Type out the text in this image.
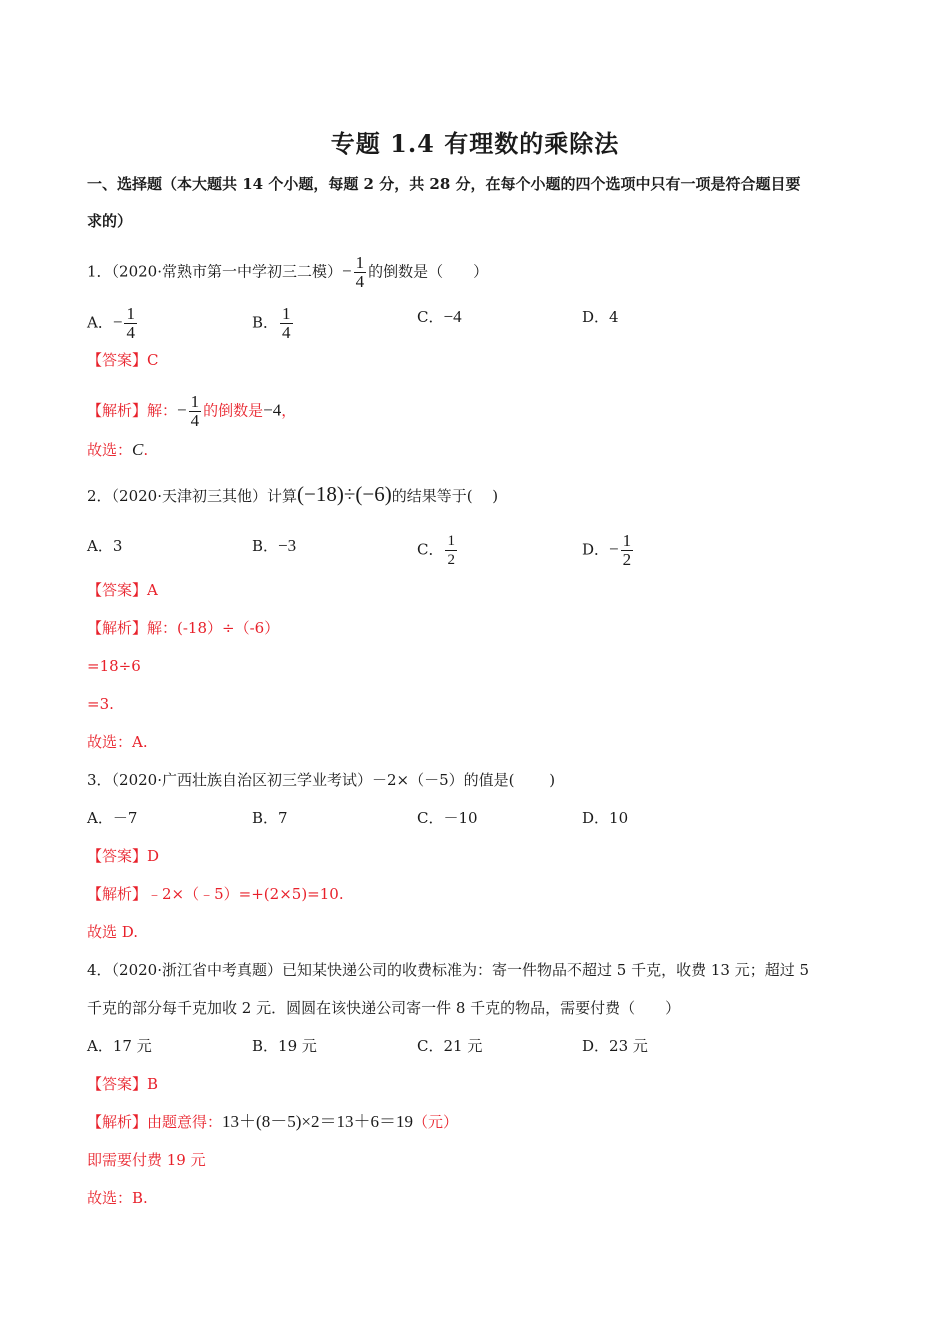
专题 1.4 有理数的乘除法
一、选择题（本大题共 14 个小题，每题 2 分，共 28 分，在每个小题的四个选项中只有一项是符合题目要
求的）
1．（2020·常熟市第一中学初三二模）− $\frac{1}{4}$ 的倒数是（　　）
A．− $\frac{1}{4}$	B． $\frac{1}{4}$	C．−4	D．4
【答案】C
【解析】解：− $\frac{1}{4}$ 的倒数是−4，
故选：C.
2．（2020·天津初三其他）计算(−18)÷(−6)的结果等于(　 )
A．3	B．−3	C． $\frac{1}{2}$	D．− $\frac{1}{2}$
【答案】A
【解析】解：(-18）÷（-6）
=18÷6
=3.
故选：A.
3．（2020·广西壮族自治区初三学业考试）－2×（－5）的值是(　　 )
A．－7	B．7	C．－10	D．10
【答案】D
【解析】﹣2×（﹣5）=+(2×5)=10.
故选 D.
4．（2020·浙江省中考真题）已知某快递公司的收费标准为：寄一件物品不超过 5 千克，收费 13 元；超过 5
千克的部分每千克加收 2 元．圆圆在该快递公司寄一件 8 千克的物品，需要付费（　　）
A．17 元	B．19 元	C．21 元	D．23 元
【答案】B
【解析】由题意得：13＋(8－5)×2＝13＋6＝19（元）
即需要付费 19 元
故选：B.
